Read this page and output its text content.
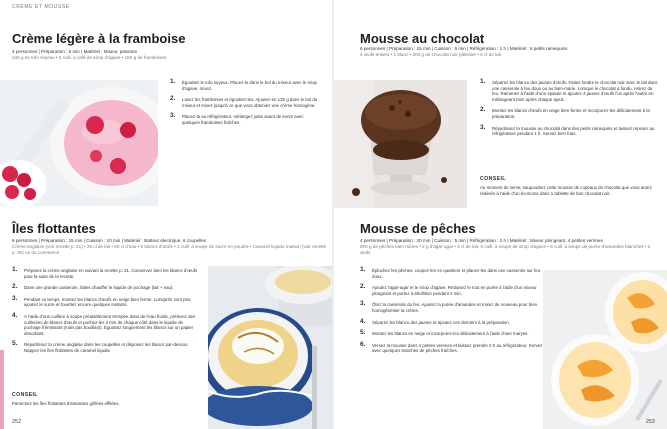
CRÈME ET MOUSSE
Crème légère à la framboise
4 personnes | Préparation : 5 min | Matériel : Mixeur, passoire
240 g de tofu soyeux • 3 cuill. à café de sirop d'agave • 150 g de framboises
1. Égouttez le tofu soyeux. Placez-le dans le bol du mixeur avec le sirop d'agave, mixez.
2. Lavez les framboises et égouttez-les. Ajoutez-en 125 g dans le bol du mixeur et mixez jusqu'à ce que vous obteniez une crème homogène.
3. Placez-la au réfrigérateur, mélangez juste avant de servir avec quelques framboises fraîches.
Îles flottantes
6 personnes | Préparation : 15 min | Cuisson : 10 min | Matériel : Batteur électrique, 6 coupelles
Crème anglaise (voir recette p. 21) • 25 cl de lait • 50 cl d'eau • 5 blancs d'œufs • 1 cuill. à soupe de sucre en poudre • Caramel liquide maison (voir recette p. 30) ou du commerce
1. Préparez la crème anglaise en suivant la recette p. 21. Conservez bien les blancs d'œufs pour la suite de la recette.
2. Dans une grande casserole, faites chauffer le liquide de pochage (lait + eau).
3. Pendant ce temps, montez les blancs d'œufs en neige bien ferme. Lorsqu'ils sont pris, ajoutez le sucre et fouettez encore quelques instants.
4. À l'aide d'une cuillère à soupe préalablement trempée dans de l'eau froide, prélevez des cuillerées de blancs d'œufs et pochez-les 3 min de chaque côté dans le liquide de pochage frémissant (mais pas bouillant). Égouttez longuement les blancs sur un papier absorbant.
5. Répartissez la crème anglaise dans les coupelles et disposez les blancs par-dessus. Nappez les îles flottantes de caramel liquide.
CONSEIL
Parsemez les îles flottantes d'amandes grillées effilées.
252
Mousse au chocolat
6 personnes | Préparation : 15 min | Cuisson : 5 min | Réfrigération : 1 h | Matériel : 6 petits ramequins
4 œufs entiers • 1 blanc • 200 g de chocolat noir pâtissier • 5 cl de lait
1. Séparez les blancs des jaunes d'œufs. Faites fondre le chocolat noir avec le lait dans une casserole à feu doux ou au bain-marie. Lorsque le chocolat a fondu, retirez du feu. Ramenez à l'aide d'une spatule et ajoutez 4 jaunes d'œufs l'un après l'autre en mélangeant bien après chaque ajout.
2. Montez les blancs d'œufs en neige bien ferme et incorporez-les délicatement à la préparation.
3. Répartissez la mousse au chocolat dans des petits ramequins et laissez reposer au réfrigérateur pendant 1 h. Servez bien frais.
CONSEIL
Au moment de servir, saupoudrez cette mousse de copeaux de chocolat que vous aurez réalisés à l'aide d'un économe dans 1 tablette de bon chocolat noir.
Mousse de pêches
4 personnes | Préparation : 20 min | Cuisson : 5 min | Réfrigération : 2 h | Matériel : Mixeur plongeant, 4 petites verrines
500 g de pêches bien mûres • 2 g d'agar-agar • 6 cl de lait, 5 cuill. à soupe de sirop d'agave • 5 cuill. à soupe de purée d'amandes blanches • 2 œufs
1. Épluchez les pêches, coupez-les en quartiers et placez-les dans une casserole sur feu doux.
2. Ajoutez l'agar-agar et le sirop d'agave. Réduisez le tout en purée à l'aide d'un mixeur plongeant et portez à ébullition pendant 2 min.
3. Ôtez la casserole du feu. Ajoutez la purée d'amandes et mixez de nouveau pour bien homogénéiser la crème.
4. Séparez les blancs des jaunes et ajoutez ces derniers à la préparation.
5. Montez les blancs en neige et incorporez-les délicatement à l'aide d'une maryse.
6. Versez la mousse dans 4 petites verrines et laissez prendre 2 h au réfrigérateur. Servez avec quelques tranches de pêches fraîches.
253
